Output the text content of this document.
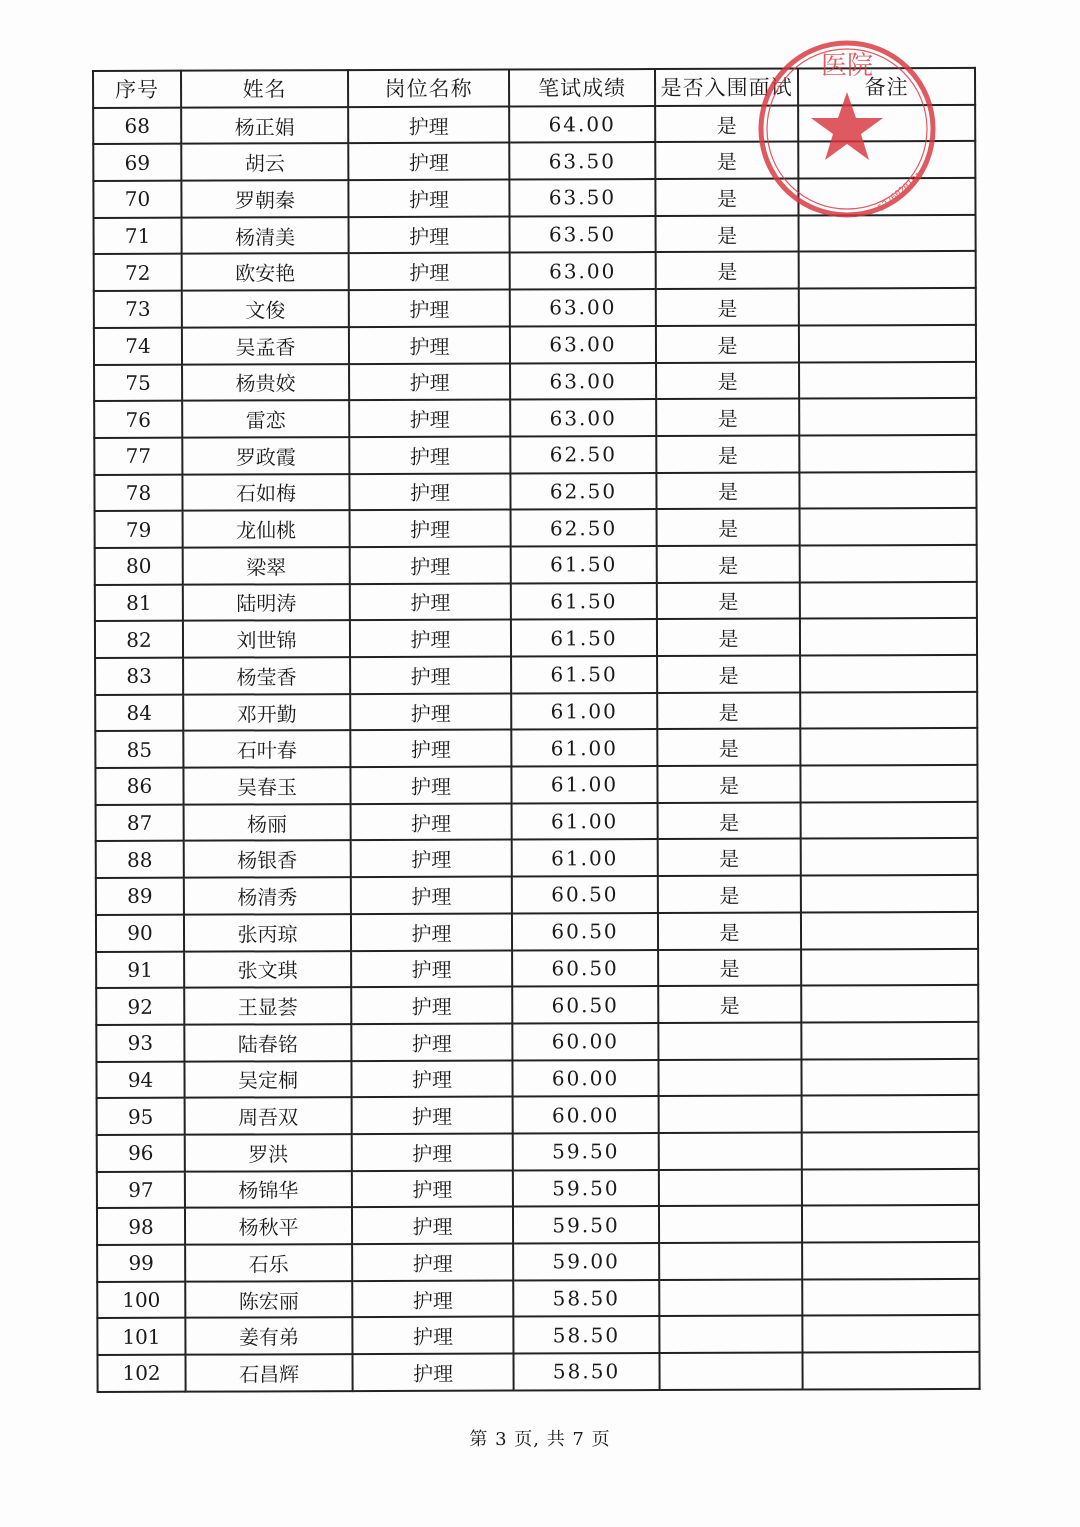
序号	姓名	岗位名称	笔试成绩	是否入围面试	备注
68	杨正娟	护理	64.00	是	
69	胡云	护理	63.50	是	
70	罗朝秦	护理	63.50	是	
71	杨清美	护理	63.50	是	
72	欧安艳	护理	63.00	是	
73	文俊	护理	63.00	是	
74	吴孟香	护理	63.00	是	
75	杨贵姣	护理	63.00	是	
76	雷恋	护理	63.00	是	
77	罗政霞	护理	62.50	是	
78	石如梅	护理	62.50	是	
79	龙仙桃	护理	62.50	是	
80	梁翠	护理	61.50	是	
81	陆明涛	护理	61.50	是	
82	刘世锦	护理	61.50	是	
83	杨莹香	护理	61.50	是	
84	邓开勤	护理	61.00	是	
85	石叶春	护理	61.00	是	
86	吴春玉	护理	61.00	是	
87	杨丽	护理	61.00	是	
88	杨银香	护理	61.00	是	
89	杨清秀	护理	60.50	是	
90	张丙琼	护理	60.50	是	
91	张文琪	护理	60.50	是	
92	王显荟	护理	60.50	是	
93	陆春铭	护理	60.00		
94	吴定桐	护理	60.00		
95	周吾双	护理	60.00		
96	罗洪	护理	59.50		
97	杨锦华	护理	59.50		
98	杨秋平	护理	59.50		
99	石乐	护理	59.00		
100	陈宏丽	护理	58.50		
101	姜有弟	护理	58.50		
102	石昌辉	护理	58.50		
第 3 页, 共 7 页
医院
5226020101
